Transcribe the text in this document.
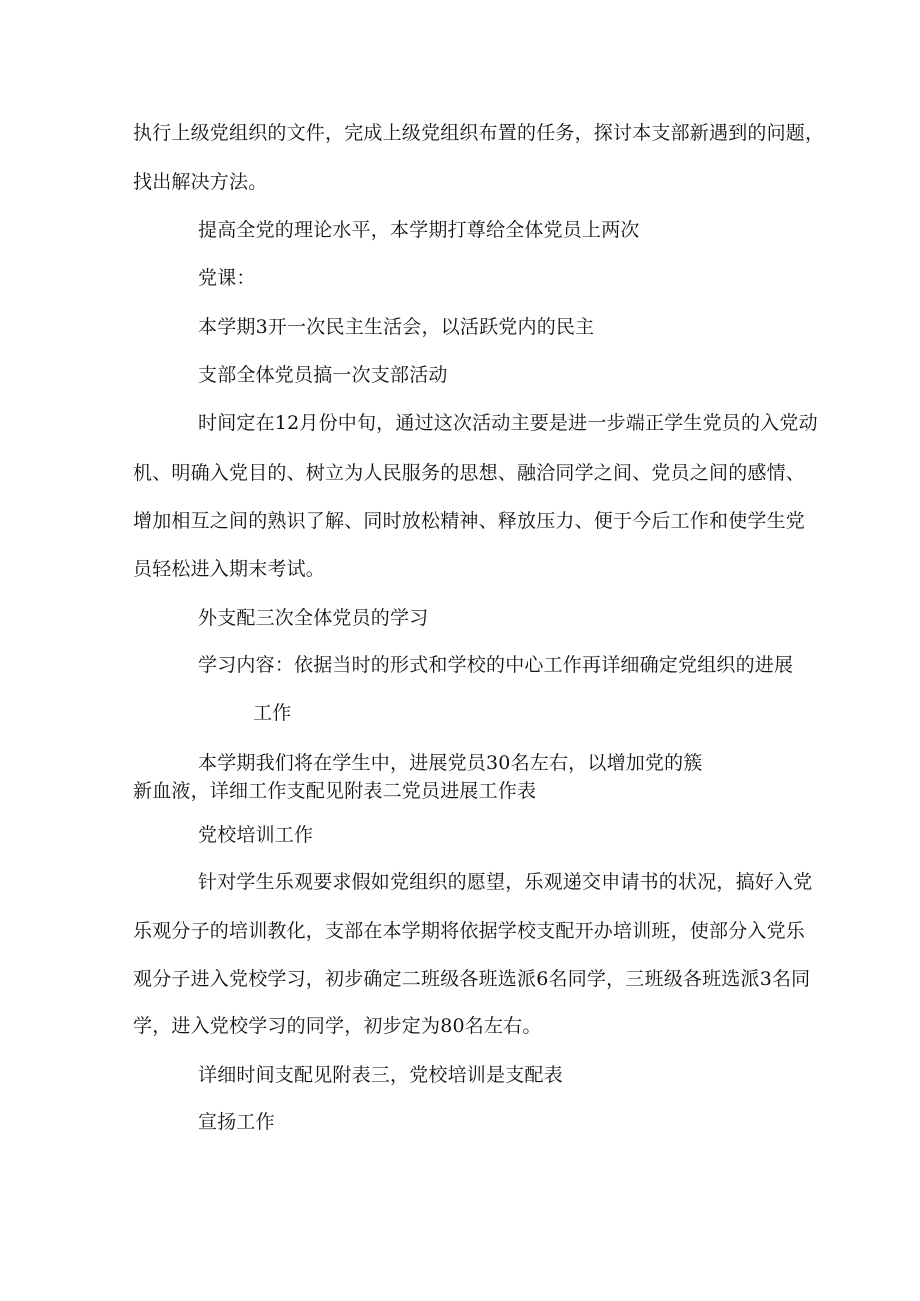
执行上级党组织的文件，完成上级党组织布置的任务，探讨本支部新遇到的问题，
找出解决方法。
提高全党的理论水平，本学期打尊给全体党员上两次
党课：
本学期3开一次民主生活会，以活跃党内的民主
支部全体党员搞一次支部活动
时间定在12月份中旬，通过这次活动主要是进一步端正学生党员的入党动
机、明确入党目的、树立为人民服务的思想、融洽同学之间、党员之间的感情、
增加相互之间的熟识了解、同时放松精神、释放压力、便于今后工作和使学生党
员轻松进入期末考试。
外支配三次全体党员的学习
学习内容：依据当时的形式和学校的中心工作再详细确定党组织的进展
工作
本学期我们将在学生中，进展党员30名左右，以增加党的簇
新血液，详细工作支配见附表二党员进展工作表
党校培训工作
针对学生乐观要求假如党组织的愿望，乐观递交申请书的状况，搞好入党
乐观分子的培训教化，支部在本学期将依据学校支配开办培训班，使部分入党乐
观分子进入党校学习，初步确定二班级各班选派6名同学，三班级各班选派3名同
学，进入党校学习的同学，初步定为80名左右。
详细时间支配见附表三，党校培训是支配表
宣扬工作
